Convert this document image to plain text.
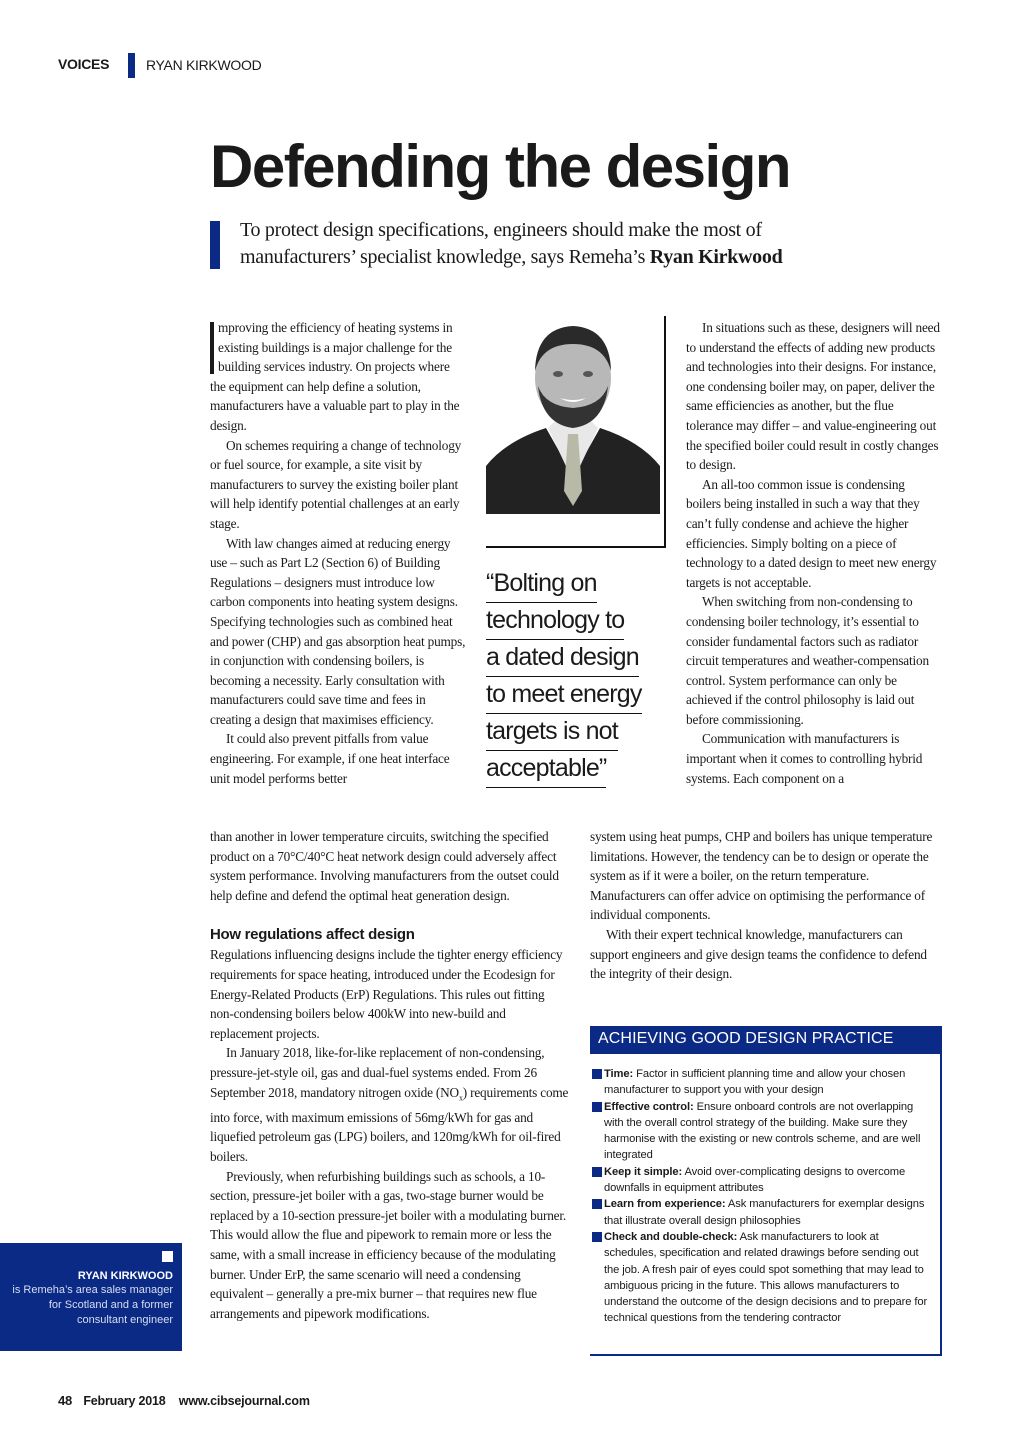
VOICES	RYAN KIRKWOOD
Defending the design
To protect design specifications, engineers should make the most of manufacturers’ specialist knowledge, says Remeha’s Ryan Kirkwood

mproving the efficiency of heating systems in existing buildings is a major challenge for the building services industry. On projects where the equipment can help define a solution, manufacturers have a valuable part to play in the design.

On schemes requiring a change of technology or fuel source, for example, a site visit by manufacturers to survey the existing boiler plant will help identify potential challenges at an early stage.

With law changes aimed at reducing energy use – such as Part L2 (Section 6) of Building Regulations – designers must introduce low carbon components into heating system designs. Specifying technologies such as combined heat and power (CHP) and gas absorption heat pumps, in conjunction with condensing boilers, is becoming a necessity. Early consultation with manufacturers could save time and fees in creating a design that maximises efficiency.

It could also prevent pitfalls from value engineering. For example, if one heat interface unit model performs better

than another in lower temperature circuits, switching the specified product on a 70°C/40°C heat network design could adversely affect system performance. Involving manufacturers from the outset could help define and defend the optimal heat generation design.

How regulations affect design

Regulations influencing designs include the tighter energy efficiency requirements for space heating, introduced under the Ecodesign for Energy-Related Products (ErP) Regulations. This rules out fitting non-condensing boilers below 400kW into new-build and replacement projects.

In January 2018, like-for-like replacement of non-condensing, pressure-jet-style oil, gas and dual-fuel systems ended. From 26 September 2018, mandatory nitrogen oxide $(NO_x)$ requirements come into force, with maximum emissions of 56mg/kWh for gas and liquefied petroleum gas (LPG) boilers, and 120mg/kWh for oil-fired boilers.

Previously, when refurbishing buildings such as schools, a 10-section, pressure-jet boiler with a gas, two-stage burner would be replaced by a 10-section pressure-jet boiler with a modulating burner. This would allow the flue and pipework to remain more or less the same, with a small increase in efficiency because of the modulating burner. Under ErP, the same scenario will need a condensing equivalent – generally a pre-mix burner – that requires new flue arrangements and pipework modifications.

“Bolting on
technology to
a dated design
to meet energy
targets is not
acceptable”

In situations such as these, designers will need to understand the effects of adding new products and technologies into their designs. For instance, one condensing boiler may, on paper, deliver the same efficiencies as another, but the flue tolerance may differ – and value-engineering out the specified boiler could result in costly changes to design.

An all-too common issue is condensing boilers being installed in such a way that they can’t fully condense and achieve the higher efficiencies. Simply bolting on a piece of technology to a dated design to meet new energy targets is not acceptable.

When switching from non-condensing to condensing boiler technology, it’s essential to consider fundamental factors such as radiator circuit temperatures and weather-compensation control. System performance can only be achieved if the control philosophy is laid out before commissioning.

Communication with manufacturers is important when it comes to controlling hybrid systems. Each component on a

system using heat pumps, CHP and boilers has unique temperature limitations. However, the tendency can be to design or operate the system as if it were a boiler, on the return temperature. Manufacturers can offer advice on optimising the performance of individual components.

With their expert technical knowledge, manufacturers can support engineers and give design teams the confidence to defend the integrity of their design.

ACHIEVING GOOD DESIGN PRACTICE
Time: Factor in sufficient planning time and allow your chosen manufacturer to support you with your design
Effective control: Ensure onboard controls are not overlapping with the overall control strategy of the building. Make sure they harmonise with the existing or new controls scheme, and are well integrated
Keep it simple: Avoid over-complicating designs to overcome downfalls in equipment attributes
Learn from experience: Ask manufacturers for exemplar designs that illustrate overall design philosophies
Check and double-check: Ask manufacturers to look at schedules, specification and related drawings before sending out the job. A fresh pair of eyes could spot something that may lead to ambiguous pricing in the future. This allows manufacturers to understand the outcome of the design decisions and to prepare for technical questions from the tendering contractor
RYAN KIRKWOOD
is Remeha’s area sales manager for Scotland and a former consultant engineer
48 February 2018 www.cibsejournal.com
